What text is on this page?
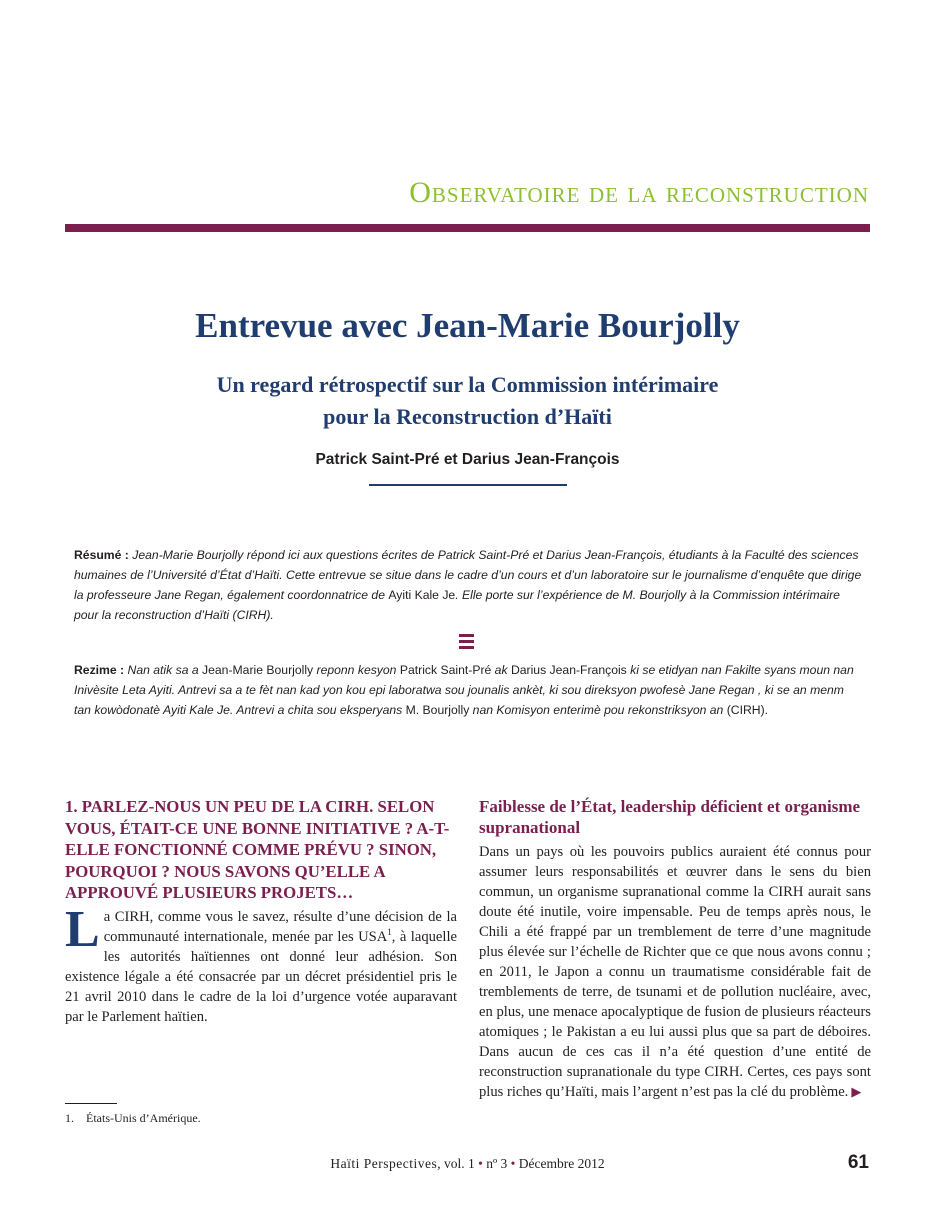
Observatoire de la reconstruction
Entrevue avec Jean-Marie Bourjolly
Un regard rétrospectif sur la Commission intérimaire
pour la Reconstruction d’Haïti
Patrick Saint-Pré et Darius Jean-François
Résumé : Jean-Marie Bourjolly répond ici aux questions écrites de Patrick Saint-Pré et Darius Jean-François, étudiants à la Faculté des sciences humaines de l’Université d’État d’Haïti. Cette entrevue se situe dans le cadre d’un cours et d’un laboratoire sur le journalisme d’enquête que dirige la professeure Jane Regan, également coordonnatrice de Ayiti Kale Je. Elle porte sur l’expérience de M. Bourjolly à la Commission intérimaire pour la reconstruction d’Haïti (CIRH).
Rezime : Nan atik sa a Jean-Marie Bourjolly reponn kesyon Patrick Saint-Pré ak Darius Jean-François ki se etidyan nan Fakilte syans moun nan Inivèsite Leta Ayiti. Antrevi sa a te fèt nan kad yon kou epi laboratwa sou jounalis ankèt, ki sou direksyon pwofesè Jane Regan , ki se an menm tan kowòdonatè Ayiti Kale Je. Antrevi a chita sou eksperyans M. Bourjolly nan Komisyon enterimè pou rekonstriksyon an (CIRH).
1. PARLEZ-NOUS UN PEU DE LA CIRH. SELON VOUS, ÉTAIT-CE UNE BONNE INITIATIVE ? A-T-ELLE FONCTIONNÉ COMME PRÉVU ? SINON, POURQUOI ? NOUS SAVONS QU’ELLE A APPROUVÉ PLUSIEURS PROJETS…

La CIRH, comme vous le savez, résulte d’une décision de la communauté internationale, menée par les USA$^1$, à laquelle les autorités haïtiennes ont donné leur adhésion. Son existence légale a été consacrée par un décret présidentiel pris le 21 avril 2010 dans le cadre de la loi d’urgence votée auparavant par le Parlement haïtien.

Faiblesse de l’État, leadership déficient et organisme supranational

Dans un pays où les pouvoirs publics auraient été connus pour assumer leurs responsabilités et œuvrer dans le sens du bien commun, un organisme supranational comme la CIRH aurait sans doute été inutile, voire impensable. Peu de temps après nous, le Chili a été frappé par un tremblement de terre d’une magnitude plus élevée sur l’échelle de Richter que ce que nous avons connu ; en 2011, le Japon a connu un traumatisme considérable fait de tremblements de terre, de tsunami et de pollution nucléaire, avec, en plus, une menace apocalyptique de fusion de plusieurs réacteurs atomiques ; le Pakistan a eu lui aussi plus que sa part de déboires. Dans aucun de ces cas il n’a été question d’une entité de reconstruction supranationale du type CIRH. Certes, ces pays sont plus riches qu’Haïti, mais l’argent n’est pas la clé du problème. ▶

1. États-Unis d’Amérique.
Haïti Perspectives, vol. 1 • nº 3 • Décembre 2012	61
